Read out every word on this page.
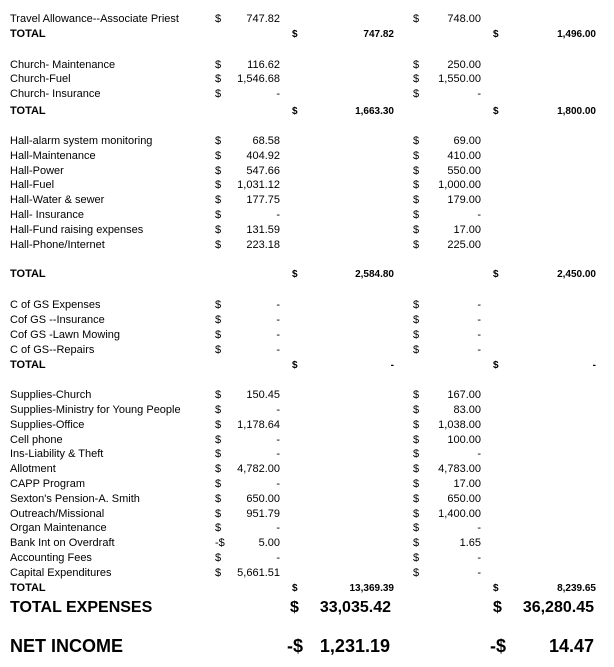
Travel Allowance--Associate Priest	$ 747.82	$	748.00
TOTAL	$	747.82	$	1,496.00
Church- Maintenance	$ 116.62	$	250.00
Church-Fuel	$ 1,546.68	$ 1,550.00
Church- Insurance	$	-	$	-
TOTAL	$	1,663.30	$	1,800.00
Hall-alarm system monitoring	$	68.58	$	69.00
Hall-Maintenance	$ 404.92	$	410.00
Hall-Power	$ 547.66	$	550.00
Hall-Fuel	$ 1,031.12	$ 1,000.00
Hall-Water & sewer	$ 177.75	$	179.00
Hall- Insurance	$	-	$	-
Hall-Fund raising expenses	$ 131.59	$	17.00
Hall-Phone/Internet	$ 223.18	$	225.00
TOTAL	$	2,584.80	$	2,450.00
C of GS Expenses	$	-	$	-
Cof GS --Insurance	$	-	$	-
Cof GS -Lawn Mowing	$	-	$	-
C of GS--Repairs	$	-	$	-
TOTAL	$	-	$	-
Supplies-Church	$ 150.45	$	167.00
Supplies-Ministry for Young People	$	-	$	83.00
Supplies-Office	$ 1,178.64	$ 1,038.00
Cell phone	$	-	$	100.00
Ins-Liability & Theft	$	-	$	-
Allotment	$ 4,782.00	$ 4,783.00
CAPP Program	$	-	$	17.00
Sexton's Pension-A. Smith	$ 650.00	$	650.00
Outreach/Missional	$ 951.79	$ 1,400.00
Organ Maintenance	$	-	$	-
Bank Int on Overdraft	-$	5.00	$	1.65
Accounting Fees	$	-	$	-
Capital Expenditures	$ 5,661.51	$	-
TOTAL	$	13,369.39	$	8,239.65
TOTAL EXPENSES	$ 33,035.42	$ 36,280.45
NET INCOME	-$ 1,231.19	-$ 14.47
